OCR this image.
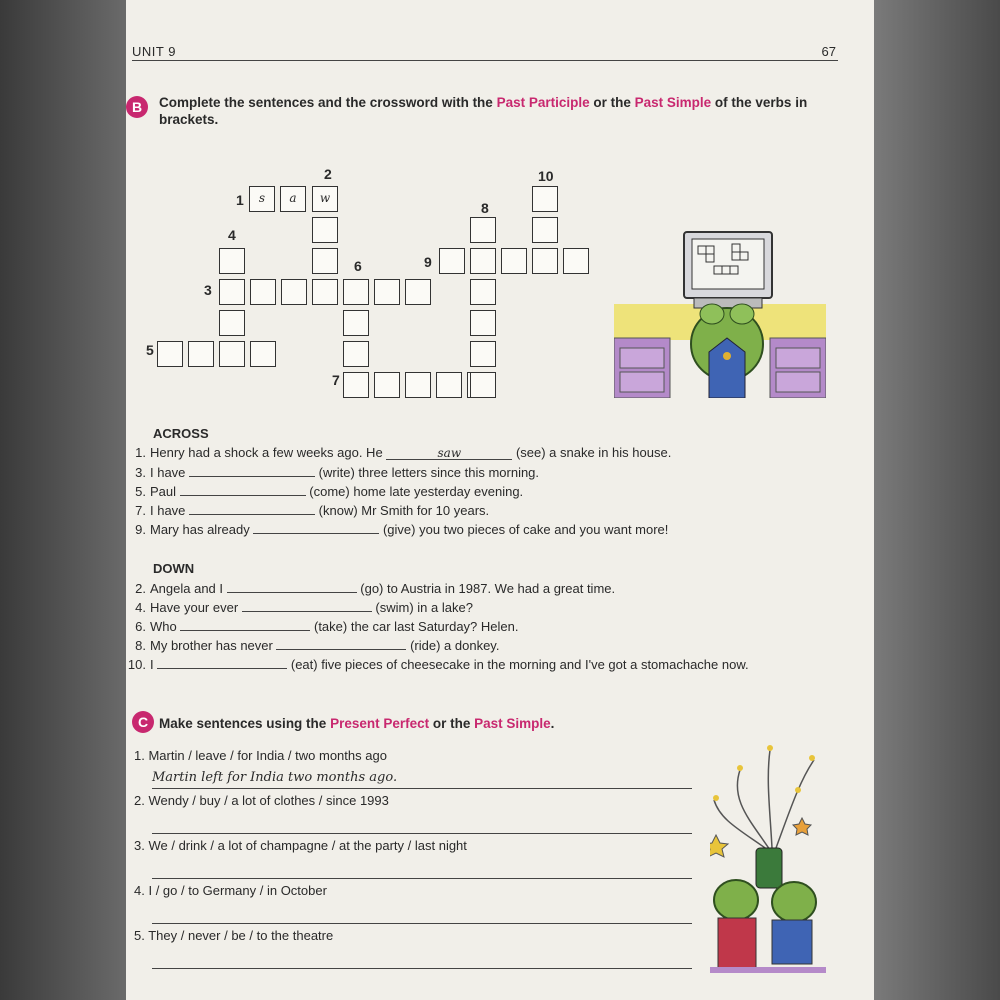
UNIT 9	67
B	Complete the sentences and the crossword with the Past Participle or the Past Simple of the verbs in brackets.
1
2
3
4
5
6
7
8
9
10
s	a	w
ACROSS
1. Henry had a shock a few weeks ago. He	saw	(see) a snake in his house.
3. I have	(write) three letters since this morning.
5. Paul	(come) home late yesterday evening.
7. I have	(know) Mr Smith for 10 years.
9. Mary has already	(give) you two pieces of cake and you want more!
DOWN
2. Angela and I	(go) to Austria in 1987. We had a great time.
4. Have your ever	(swim) in a lake?
6. Who	(take) the car last Saturday? Helen.
8. My brother has never	(ride) a donkey.
10. I	(eat) five pieces of cheesecake in the morning and I've got a stomachache now.
C Make sentences using the Present Perfect or the Past Simple.
1. Martin / leave / for India / two months ago
Martin left for India two months ago.
2. Wendy / buy / a lot of clothes / since 1993
3. We / drink / a lot of champagne / at the party / last night
4. I / go / to Germany / in October
5. They / never / be / to the theatre
